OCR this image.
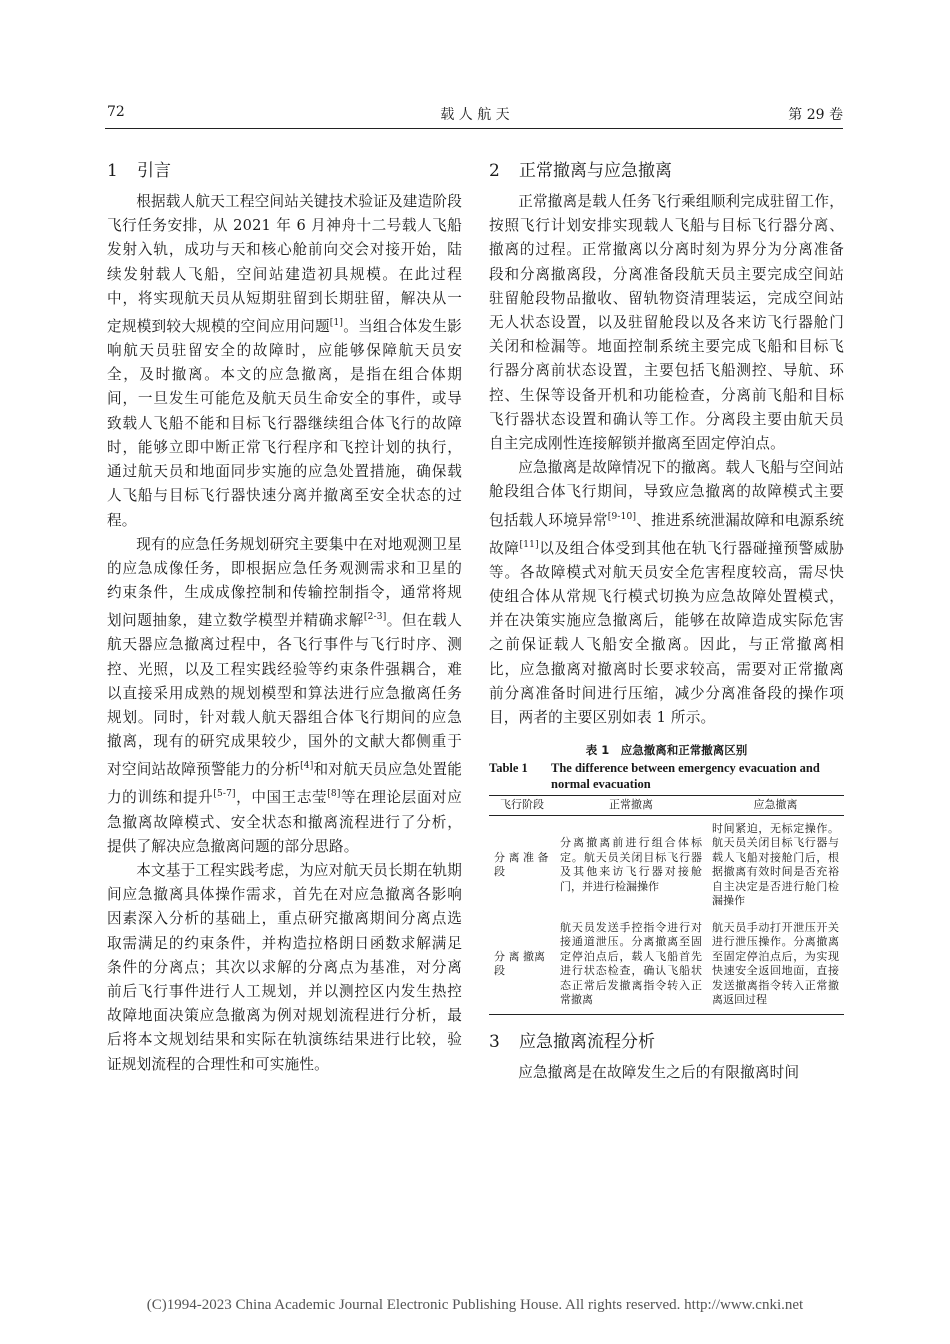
72	载 人 航 天	第 29 卷
1 引言

根据载人航天工程空间站关键技术验证及建造阶段飞行任务安排，从 2021 年 6 月神舟十二号载人飞船发射入轨，成功与天和核心舱前向交会对接开始，陆续发射载人飞船，空间站建造初具规模。在此过程中，将实现航天员从短期驻留到长期驻留，解决从一定规模到较大规模的空间应用问题[1]。当组合体发生影响航天员驻留安全的故障时，应能够保障航天员安全，及时撤离。本文的应急撤离，是指在组合体期间，一旦发生可能危及航天员生命安全的事件，或导致载人飞船不能和目标飞行器继续组合体飞行的故障时，能够立即中断正常飞行程序和飞控计划的执行，通过航天员和地面同步实施的应急处置措施，确保载人飞船与目标飞行器快速分离并撤离至安全状态的过程。

现有的应急任务规划研究主要集中在对地观测卫星的应急成像任务，即根据应急任务观测需求和卫星的约束条件，生成成像控制和传输控制指令，通常将规划问题抽象，建立数学模型并精确求解[2-3]。但在载人航天器应急撤离过程中，各飞行事件与飞行时序、测控、光照，以及工程实践经验等约束条件强耦合，难以直接采用成熟的规划模型和算法进行应急撤离任务规划。同时，针对载人航天器组合体飞行期间的应急撤离，现有的研究成果较少，国外的文献大都侧重于对空间站故障预警能力的分析[4]和对航天员应急处置能力的训练和提升[5-7]，中国王志莹[8]等在理论层面对应急撤离故障模式、安全状态和撤离流程进行了分析，提供了解决应急撤离问题的部分思路。

本文基于工程实践考虑，为应对航天员长期在轨期间应急撤离具体操作需求，首先在对应急撤离各影响因素深入分析的基础上，重点研究撤离期间分离点选取需满足的约束条件，并构造拉格朗日函数求解满足条件的分离点；其次以求解的分离点为基准，对分离前后飞行事件进行人工规划，并以测控区内发生热控故障地面决策应急撤离为例对规划流程进行分析，最后将本文规划结果和实际在轨演练结果进行比较，验证规划流程的合理性和可实施性。

2 正常撤离与应急撤离

正常撤离是载人任务飞行乘组顺利完成驻留工作，按照飞行计划安排实现载人飞船与目标飞行器分离、撤离的过程。正常撤离以分离时刻为界分为分离准备段和分离撤离段，分离准备段航天员主要完成空间站驻留舱段物品撤收、留轨物资清理装运，完成空间站无人状态设置，以及驻留舱段以及各来访飞行器舱门关闭和检漏等。地面控制系统主要完成飞船和目标飞行器分离前状态设置，主要包括飞船测控、导航、环控、生保等设备开机和功能检查，分离前飞船和目标飞行器状态设置和确认等工作。分离段主要由航天员自主完成刚性连接解锁并撤离至固定停泊点。

应急撤离是故障情况下的撤离。载人飞船与空间站舱段组合体飞行期间，导致应急撤离的故障模式主要包括载人环境异常[9-10]、推进系统泄漏故障和电源系统故障[11]以及组合体受到其他在轨飞行器碰撞预警威胁等。各故障模式对航天员安全危害程度较高，需尽快使组合体从常规飞行模式切换为应急故障处置模式，并在决策实施应急撤离后，能够在故障造成实际危害之前保证载人飞船安全撤离。因此，与正常撤离相比，应急撤离对撤离时长要求较高，需要对正常撤离前分离准备时间进行压缩，减少分离准备段的操作项目，两者的主要区别如表 1 所示。

表 1　应急撤离和正常撤离区别
Table 1	The difference between emergency evacuation and normal evacuation
飞行阶段	正常撤离	应急撤离
分 离 准 备段	分离撤离前进行组合体标定。航天员关闭目标飞行器及其他来访飞行器对接舱门，并进行检漏操作	时间紧迫，无标定操作。航天员关闭目标飞行器与载人飞船对接舱门后，根据撤离有效时间是否充裕自主决定是否进行舱门检漏操作
分 离 撤离段	航天员发送手控指令进行对接通道泄压。分离撤离至固定停泊点后，载人飞船首先进行状态检查，确认飞船状态正常后发撤离指令转入正常撤离	航天员手动打开泄压开关进行泄压操作。分离撤离至固定停泊点后，为实现快速安全返回地面，直接发送撤离指令转入正常撤离返回过程
3 应急撤离流程分析

应急撤离是在故障发生之后的有限撤离时间

(C)1994-2023 China Academic Journal Electronic Publishing House. All rights reserved. http://www.cnki.net
